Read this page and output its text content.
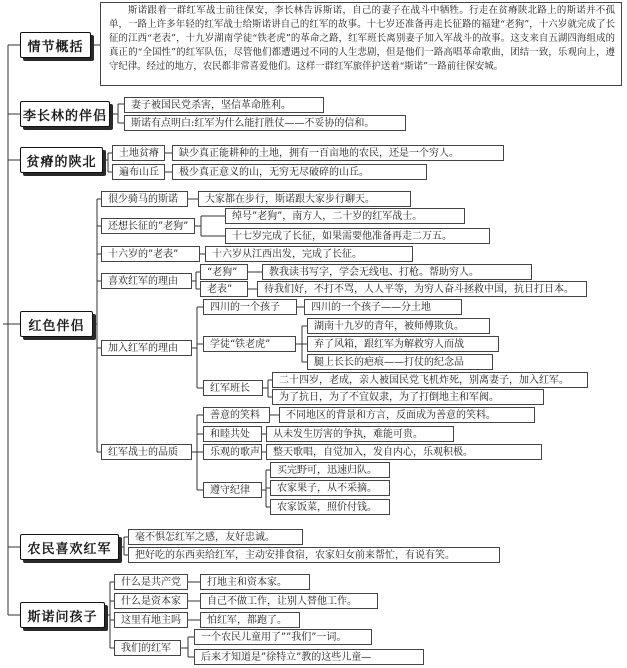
情节概括
斯诺跟着一群红军战士前往保安，李长林告诉斯诺，自己的妻子在战斗中牺牲。行走在贫瘠陕北路上的斯诺并不孤单，一路上许多年轻的红军战士给斯诺讲自己的红军的故事。十七岁还准备再走长征路的福建“老狗”，十六岁就完成了长征的江西“老表”，十九岁湖南学徒“铁老虎”的革命之路，红军班长离别妻子加入军战斗的故事。这支来自五湖四海组成的真正的“全国性”的红军队伍，尽管他们都遭遇过不同的人生悲剧，但是他们一路高唱革命歌曲，团结一致，乐观向上，遵守纪律。经过的地方，农民都非常喜爱他们。这样一群红军旅伴护送着“斯诺”一路前往保安城。
李长林的伴侣
妻子被国民党杀害，坚信革命胜利。
斯诺有点明白:红军为什么能打胜仗——不妥协的信和。
贫瘠的陕北
土地贫瘠	缺少真正能耕种的土地，拥有一百亩地的农民，还是一个穷人。
遍布山丘	极少真正意义的山，无穷无尽破碎的山丘。
红色伴侣
很少骑马的斯诺	大家都在步行，斯诺跟大家步行聊天。
还想长征的”老狗”
绰号”老狗”，南方人，二十岁的红军战士。
十七岁完成了长征，如果需要他准备再走二万五。
十六岁的”老表”	十六岁从江西出发，完成了长征。
喜欢红军的理由
“老狗”	教我读书写字，学会无线电、打枪。帮助穷人。
老表”	待我们好，不打不骂，人人平等，为穷人奋斗拯救中国，抗日打日本。
加入红军的理由
四川的一个孩子	四川的一个孩子——分土地
学徒“铁老虎”
湖南十九岁的青年，被师傅欺负。
弃了风箱，跟红军为解救穷人而战
腿上长长的疤痕——打仗的纪念品
红军班长
二十四岁，老成，亲人被国民党飞机炸死，别离妻子，加入红军。
为了抗日，为了不宜奴隶，为了打倒地主和军阀。
红军战士的品质
善意的笑料	不同地区的背景和方言，反面成为善意的笑料。
和睦共处	从未发生厉害的争执，难能可贵。
乐观的歌声	整天歌唱，自觉加入，发自内心，乐观积极。
遵守纪律
买完野可，迅速归队。
农家果子，从不采摘。
农家饭菜，照价付钱。
农民喜欢红军
毫不惧怎红军之感，友好忠诚。
把好吃的东西卖给红军，主动安排食宿，农家妇女前来帮忙，有说有笑。
斯诺问孩子
什么是共产党	打地主和资本家。
什么是资本家	自己不做工作，让别人替他工作。
这里有地主吗	怕红军，都跑了。
我们的红军
一个农民儿童用了””我们”一词。
后来才知道是”徐特立”教的这些儿童—
